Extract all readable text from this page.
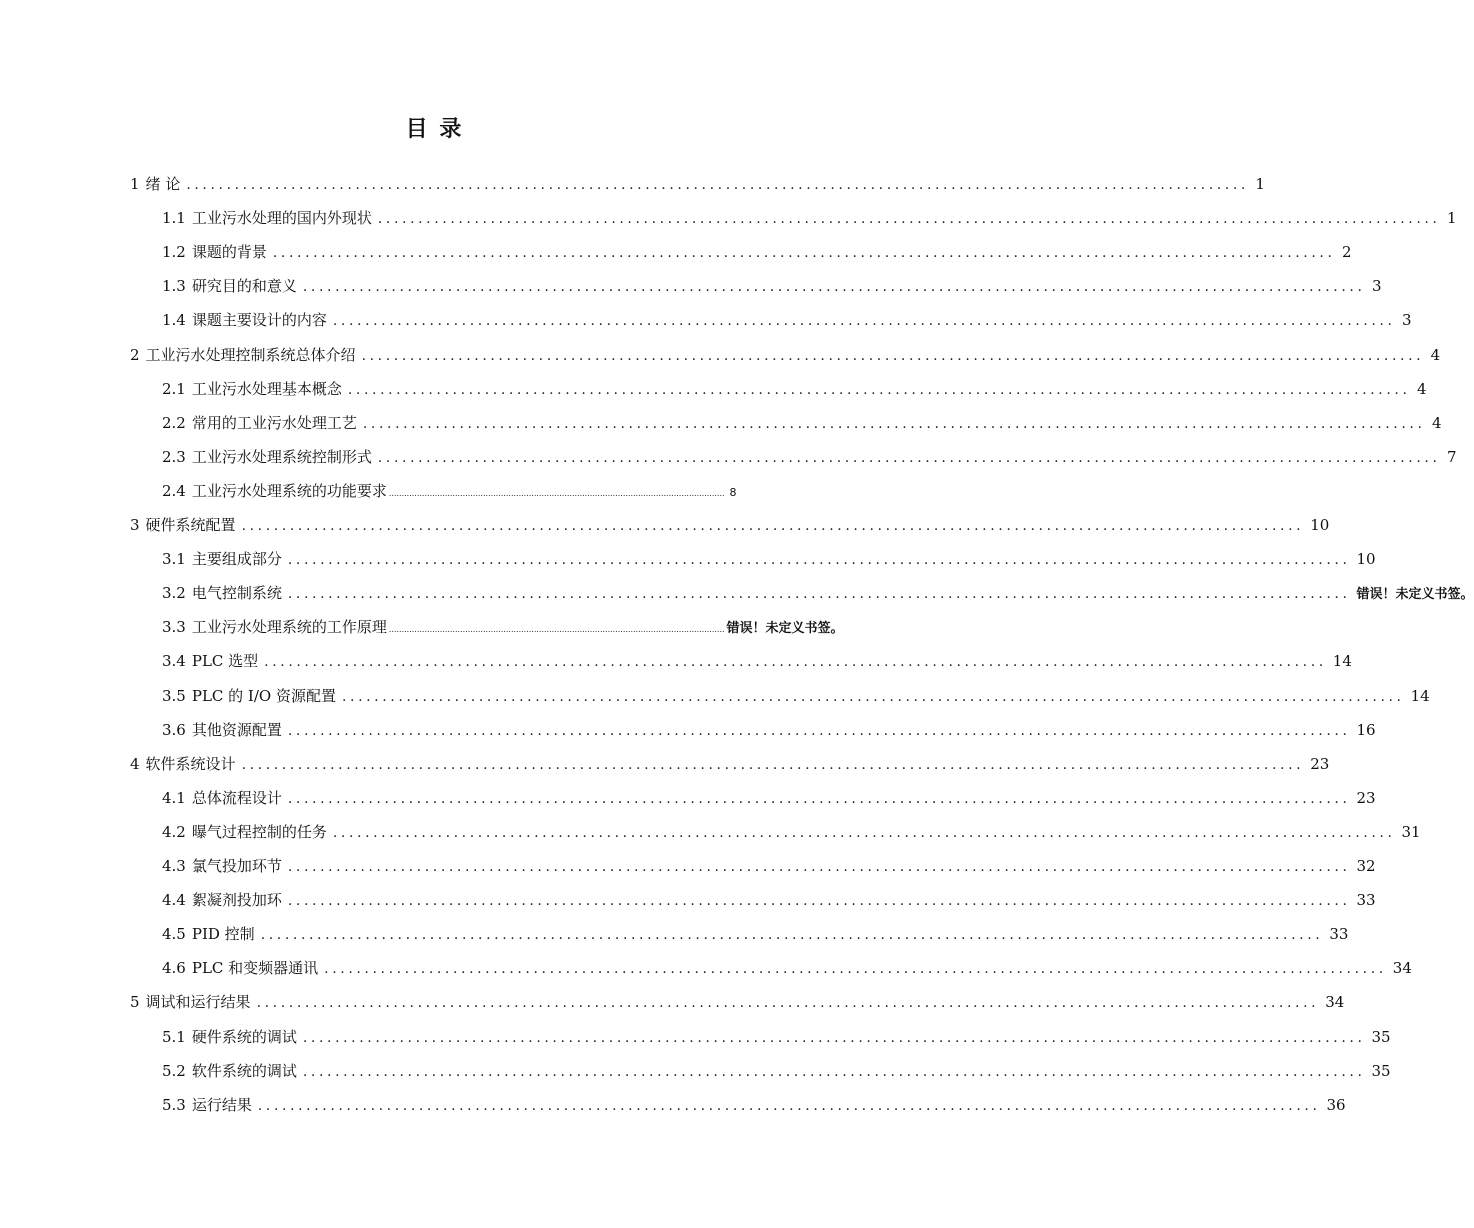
目 录
1 绪 论 .................................................................................................................................... 1
1.1 工业污水处理的国内外现状 .................................................................................................................................... 1
1.2 课题的背景 .................................................................................................................................... 2
1.3 研究目的和意义 .................................................................................................................................... 3
1.4 课题主要设计的内容 .................................................................................................................................... 3
2 工业污水处理控制系统总体介绍 .................................................................................................................................... 4
2.1 工业污水处理基本概念 .................................................................................................................................... 4
2.2 常用的工业污水处理工艺 .................................................................................................................................... 4
2.3 工业污水处理系统控制形式 .................................................................................................................................... 7
2.4 工业污水处理系统的功能要求 .................................................................................................................................... 8
3 硬件系统配置 .................................................................................................................................... 10
3.1 主要组成部分 .................................................................................................................................... 10
3.2 电气控制系统 .................................................................................................................................... 错误！未定义书签。
3.3 工业污水处理系统的工作原理 .................................................................................................................................... 错误！未定义书签。
3.4 PLC 选型 .................................................................................................................................... 14
3.5 PLC 的 I/O 资源配置 .................................................................................................................................... 14
3.6 其他资源配置 .................................................................................................................................... 16
4 软件系统设计 .................................................................................................................................... 23
4.1 总体流程设计 .................................................................................................................................... 23
4.2 曝气过程控制的任务 .................................................................................................................................... 31
4.3 氯气投加环节 .................................................................................................................................... 32
4.4 絮凝剂投加环 .................................................................................................................................... 33
4.5 PID 控制 .................................................................................................................................... 33
4.6 PLC 和变频器通讯 .................................................................................................................................... 34
5 调试和运行结果 .................................................................................................................................... 34
5.1 硬件系统的调试 .................................................................................................................................... 35
5.2 软件系统的调试 .................................................................................................................................... 35
5.3 运行结果 .................................................................................................................................... 36
